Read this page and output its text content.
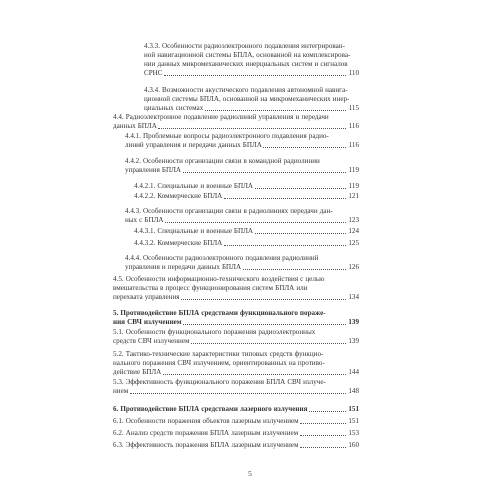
4.3.3. Особенности радиоэлектронного подавления интегрирован-
ной навигационной системы БПЛА, основанной на комплексирова-
нии данных микромеханических инерциальных систем и сигналов
СРНС	110
4.3.4. Возможности акустического подавления автономной навига-
ционной системы БПЛА, основанной на микромеханических инер-
циальных системах	115
4.4. Радиоэлектронное подавление радиолиний управления и передачи
данных БПЛА	116
4.4.1. Проблемные вопросы радиоэлектронного подавления радио-
линий управления и передачи данных БПЛА	116
4.4.2. Особенности организации связи в командной радиолинии
управления БПЛА	119
4.4.2.1. Специальные и военные БПЛА	119
4.4.2.2. Коммерческие БПЛА	121
4.4.3. Особенности организации связи в радиолиниях передачи дан-
ных с БПЛА	123
4.4.3.1. Специальные и военные БПЛА	124
4.4.3.2. Коммерческие БПЛА	125
4.4.4. Особенности радиоэлектронного подавления радиолиний
управления и передачи данных БПЛА	126
4.5. Особенности информационно-технического воздействия с целью
вмешательства в процесс функционирования систем БПЛА или
перехвата управления	134
5. Противодействие БПЛА средствами функционального пораже-
ния СВЧ излучением	139
5.1. Особенности функционального поражения радиоэлектронных
средств СВЧ излучением	139
5.2. Тактико-технические характеристики типовых средств функцио-
нального поражения СВЧ излучением, ориентированных на противо-
действие БПЛА	144
5.3. Эффективность функционального поражения БПЛА СВЧ излуче-
нием	148
6. Противодействие БПЛА средствами лазерного излучения	151
6.1. Особенности поражения объектов лазерным излучением	151
6.2. Анализ средств поражения БПЛА лазерным излучением	153
6.3. Эффективность поражения БПЛА лазерным излучением	160
5
